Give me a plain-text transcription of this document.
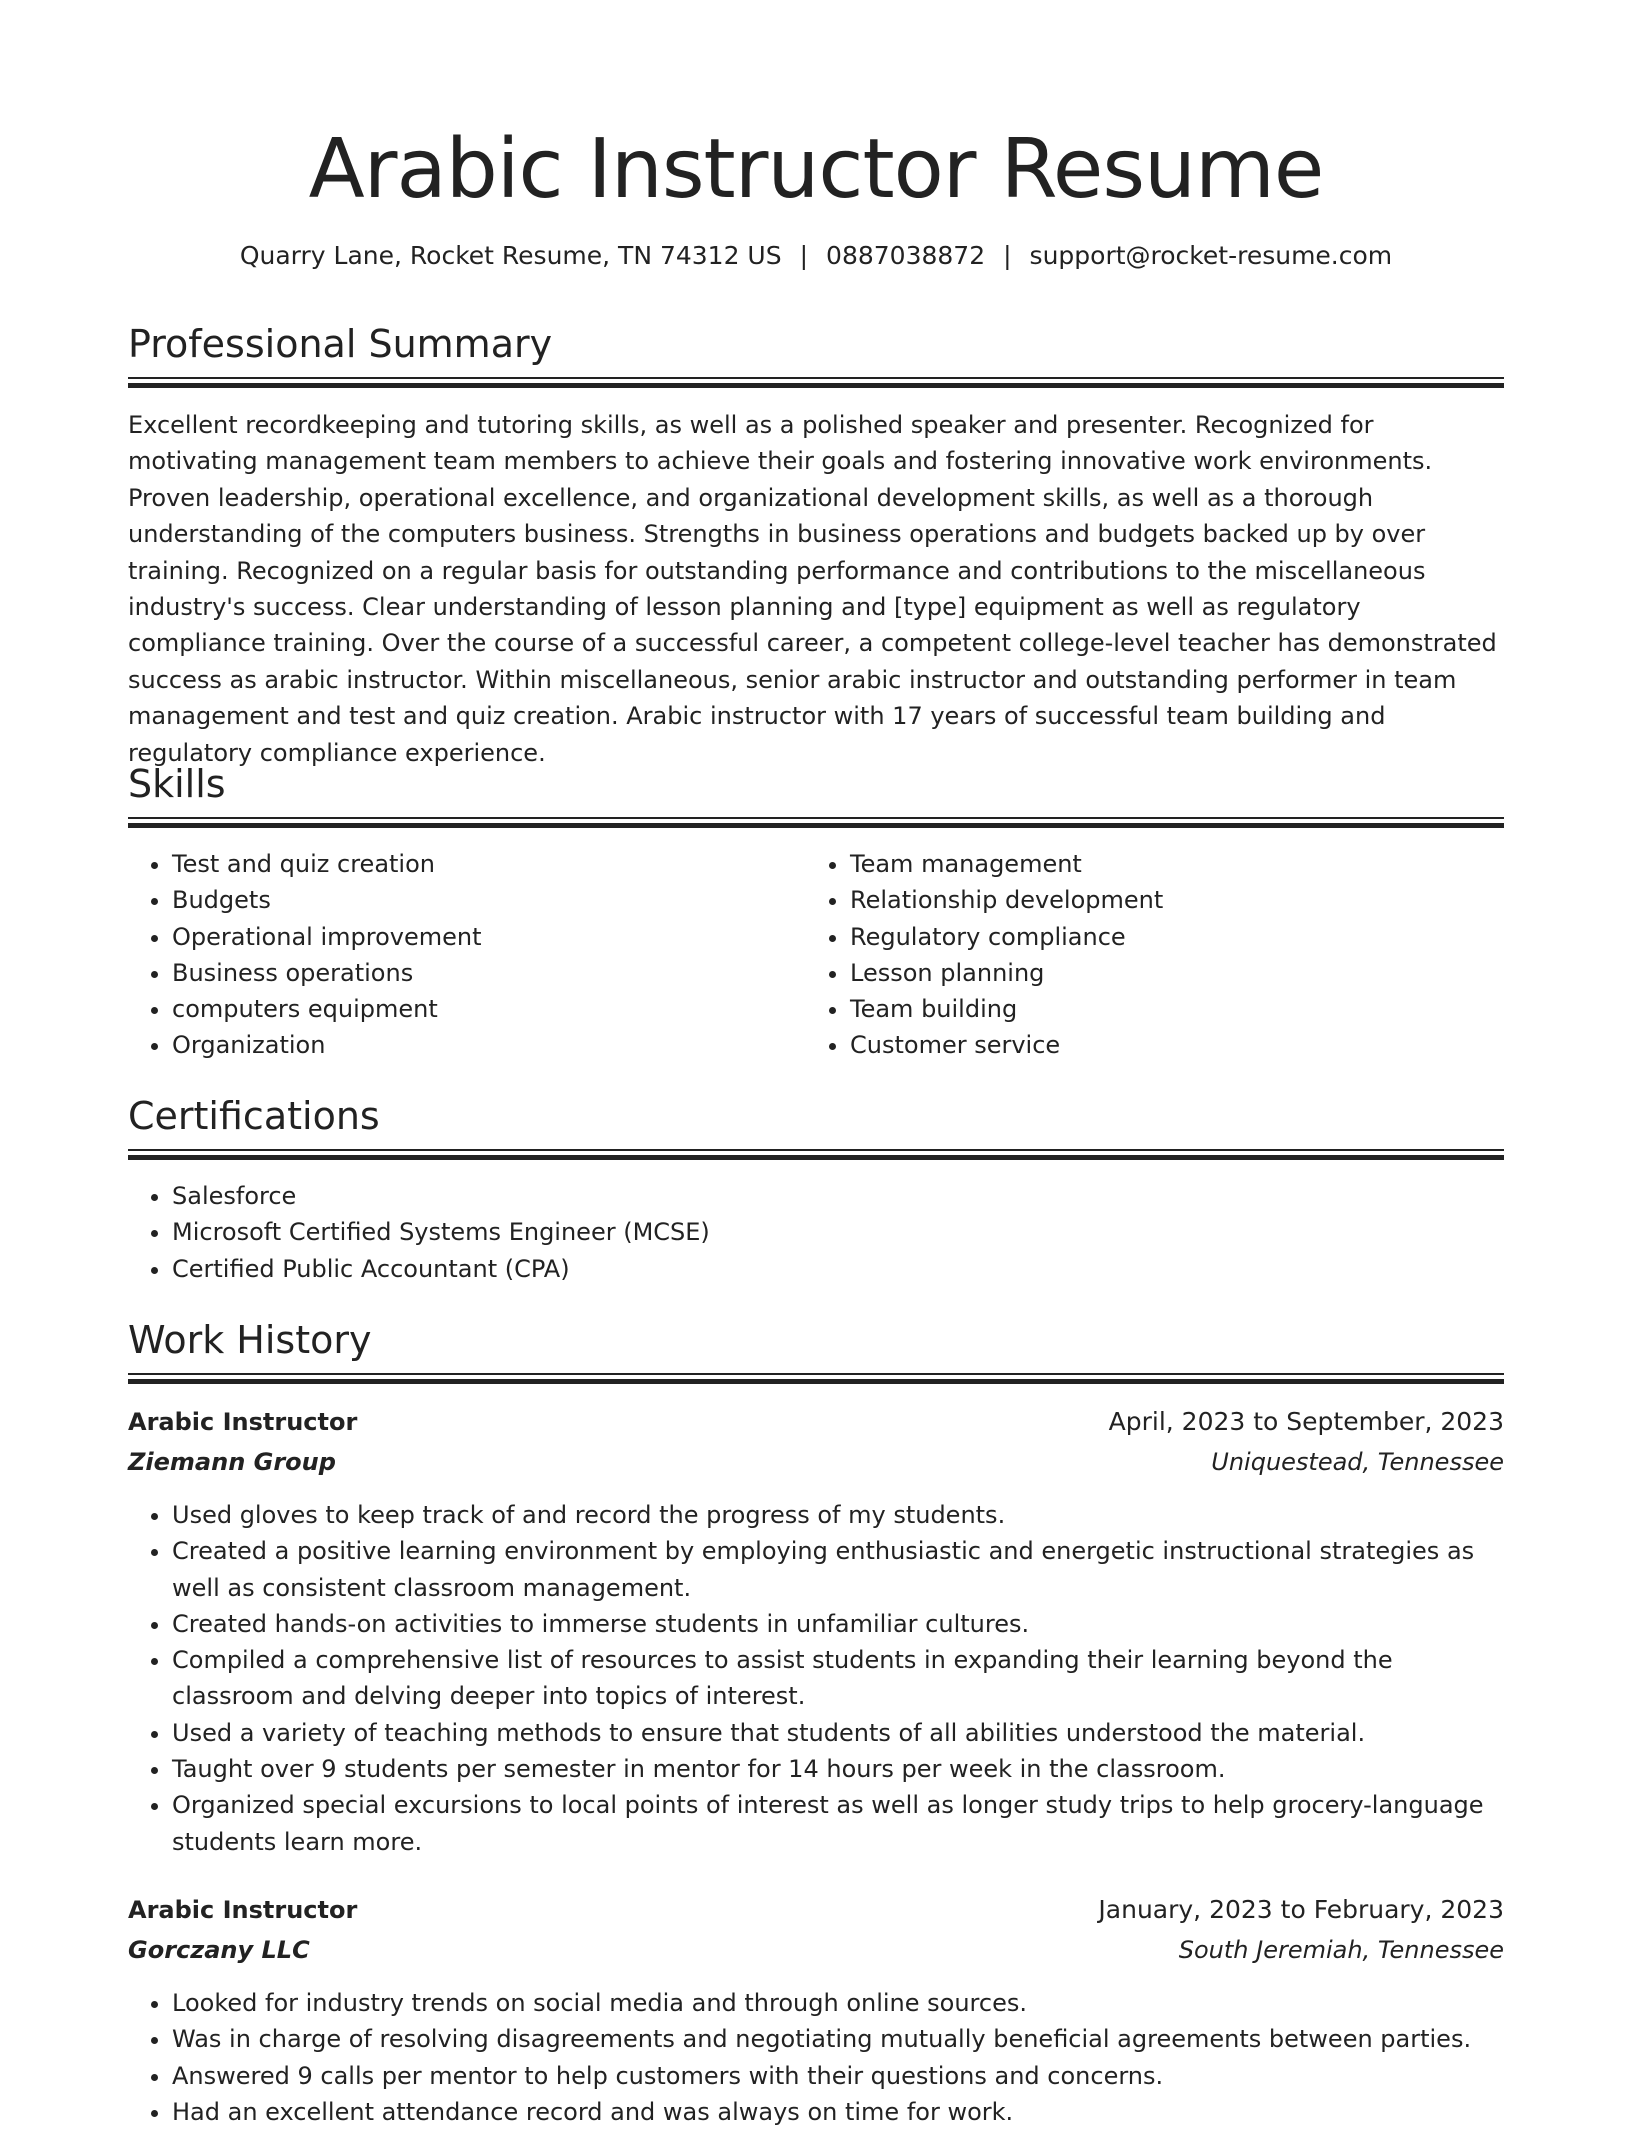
Arabic Instructor Resume
Quarry Lane, Rocket Resume, TN 74312 US | 0887038872 | support@rocket-resume.com
Professional Summary
Excellent recordkeeping and tutoring skills, as well as a polished speaker and presenter. Recognized for motivating management team members to achieve their goals and fostering innovative work environments. Proven leadership, operational excellence, and organizational development skills, as well as a thorough understanding of the computers business. Strengths in business operations and budgets backed up by over training. Recognized on a regular basis for outstanding performance and contributions to the miscellaneous industry's success. Clear understanding of lesson planning and [type] equipment as well as regulatory compliance training. Over the course of a successful career, a competent college-level teacher has demonstrated success as arabic instructor. Within miscellaneous, senior arabic instructor and outstanding performer in team management and test and quiz creation. Arabic instructor with 17 years of successful team building and regulatory compliance experience.
Skills
• Test and quiz creation
• Budgets
• Operational improvement
• Business operations
• computers equipment
• Organization
• Team management
• Relationship development
• Regulatory compliance
• Lesson planning
• Team building
• Customer service
Certifications
• Salesforce
• Microsoft Certified Systems Engineer (MCSE)
• Certified Public Accountant (CPA)
Work History
Arabic Instructor	April, 2023 to September, 2023
Ziemann Group	Uniquestead, Tennessee
• Used gloves to keep track of and record the progress of my students.
• Created a positive learning environment by employing enthusiastic and energetic instructional strategies as well as consistent classroom management.
• Created hands-on activities to immerse students in unfamiliar cultures.
• Compiled a comprehensive list of resources to assist students in expanding their learning beyond the classroom and delving deeper into topics of interest.
• Used a variety of teaching methods to ensure that students of all abilities understood the material.
• Taught over 9 students per semester in mentor for 14 hours per week in the classroom.
• Organized special excursions to local points of interest as well as longer study trips to help grocery-language students learn more.
Arabic Instructor	January, 2023 to February, 2023
Gorczany LLC	South Jeremiah, Tennessee
• Looked for industry trends on social media and through online sources.
• Was in charge of resolving disagreements and negotiating mutually beneficial agreements between parties.
• Answered 9 calls per mentor to help customers with their questions and concerns.
• Had an excellent attendance record and was always on time for work.
